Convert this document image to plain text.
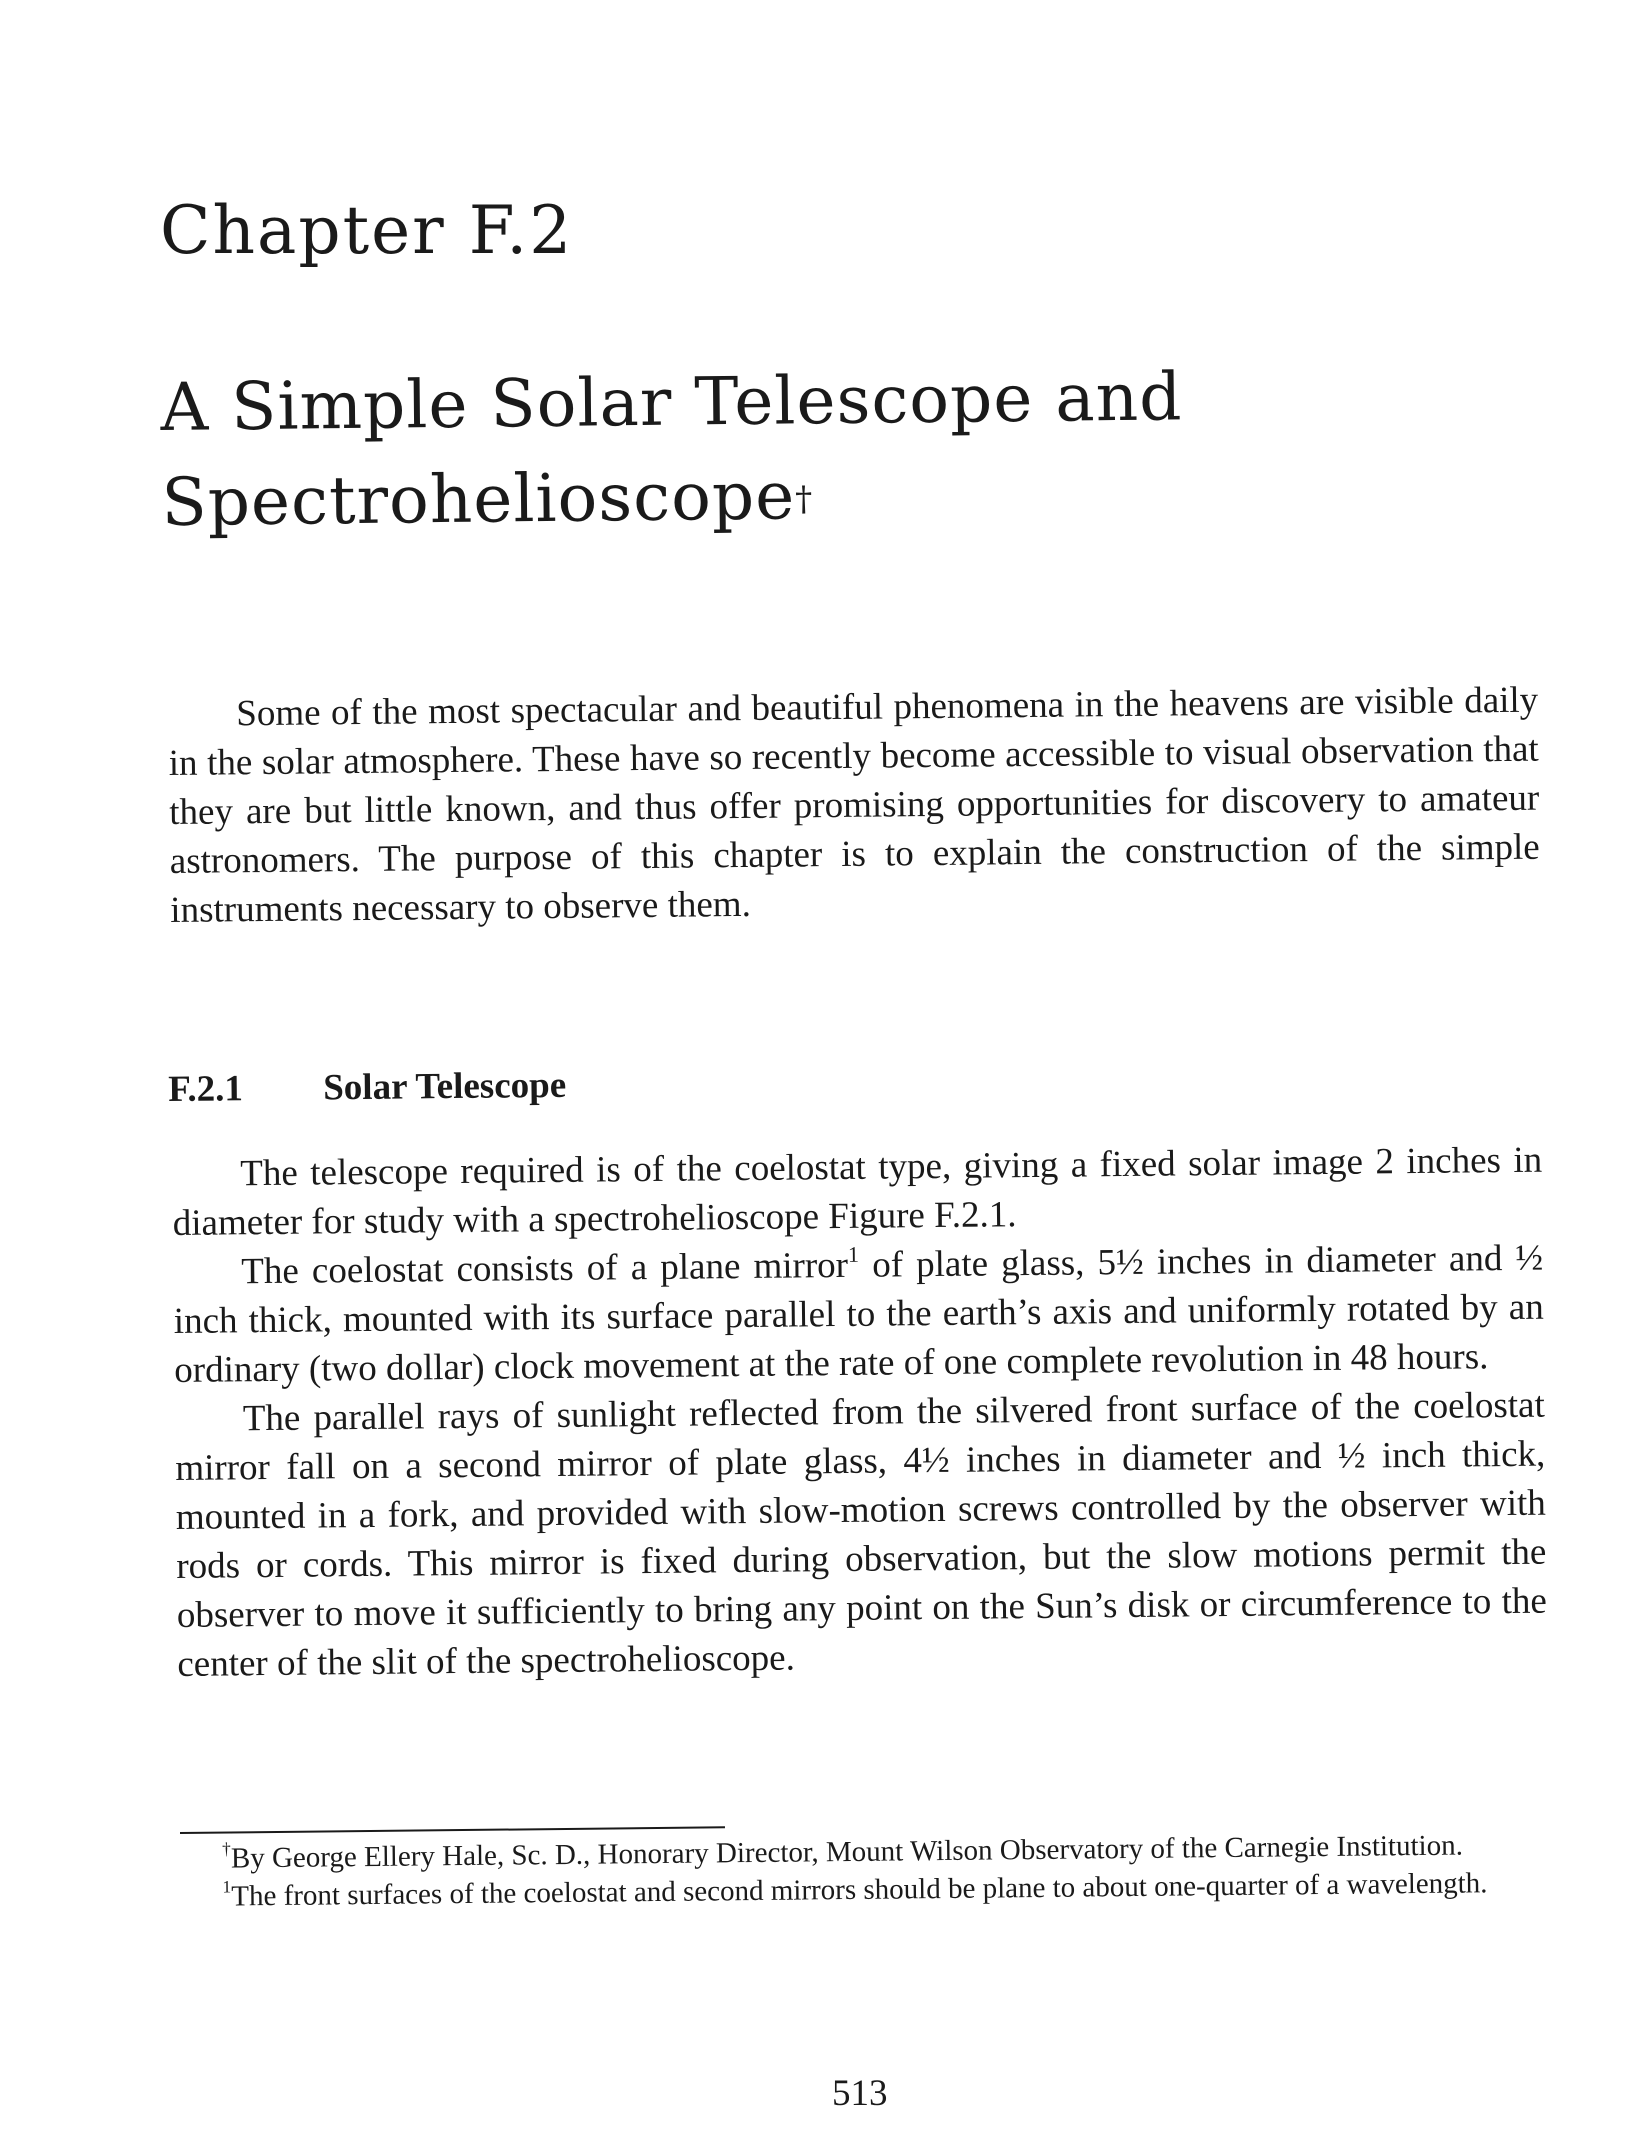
Chapter F.2
A Simple Solar Telescope and
Spectrohelioscope†

Some of the most spectacular and beautiful phenomena in the heavens are visible daily in the solar atmosphere. These have so recently become accessible to visual observation that they are but little known, and thus offer promising opportunities for discovery to amateur astronomers. The purpose of this chapter is to explain the construction of the simple instruments necessary to observe them.

F.2.1 Solar Telescope

The telescope required is of the coelostat type, giving a fixed solar image 2 inches in diameter for study with a spectrohelioscope Figure F.2.1.

The coelostat consists of a plane mirror$^1$ of plate glass, 5½ inches in diameter and ½ inch thick, mounted with its surface parallel to the earth’s axis and uniformly rotated by an ordinary (two dollar) clock movement at the rate of one complete revolution in 48 hours.

The parallel rays of sunlight reflected from the silvered front surface of the coelostat mirror fall on a second mirror of plate glass, 4½ inches in diameter and ½ inch thick, mounted in a fork, and provided with slow-motion screws controlled by the observer with rods or cords. This mirror is fixed during observation, but the slow motions permit the observer to move it sufficiently to bring any point on the Sun’s disk or circumference to the center of the slit of the spectrohelioscope.

†By George Ellery Hale, Sc. D., Honorary Director, Mount Wilson Observatory of the Carnegie Institution.

$^1$The front surfaces of the coelostat and second mirrors should be plane to about one-quarter of a wavelength.

513
